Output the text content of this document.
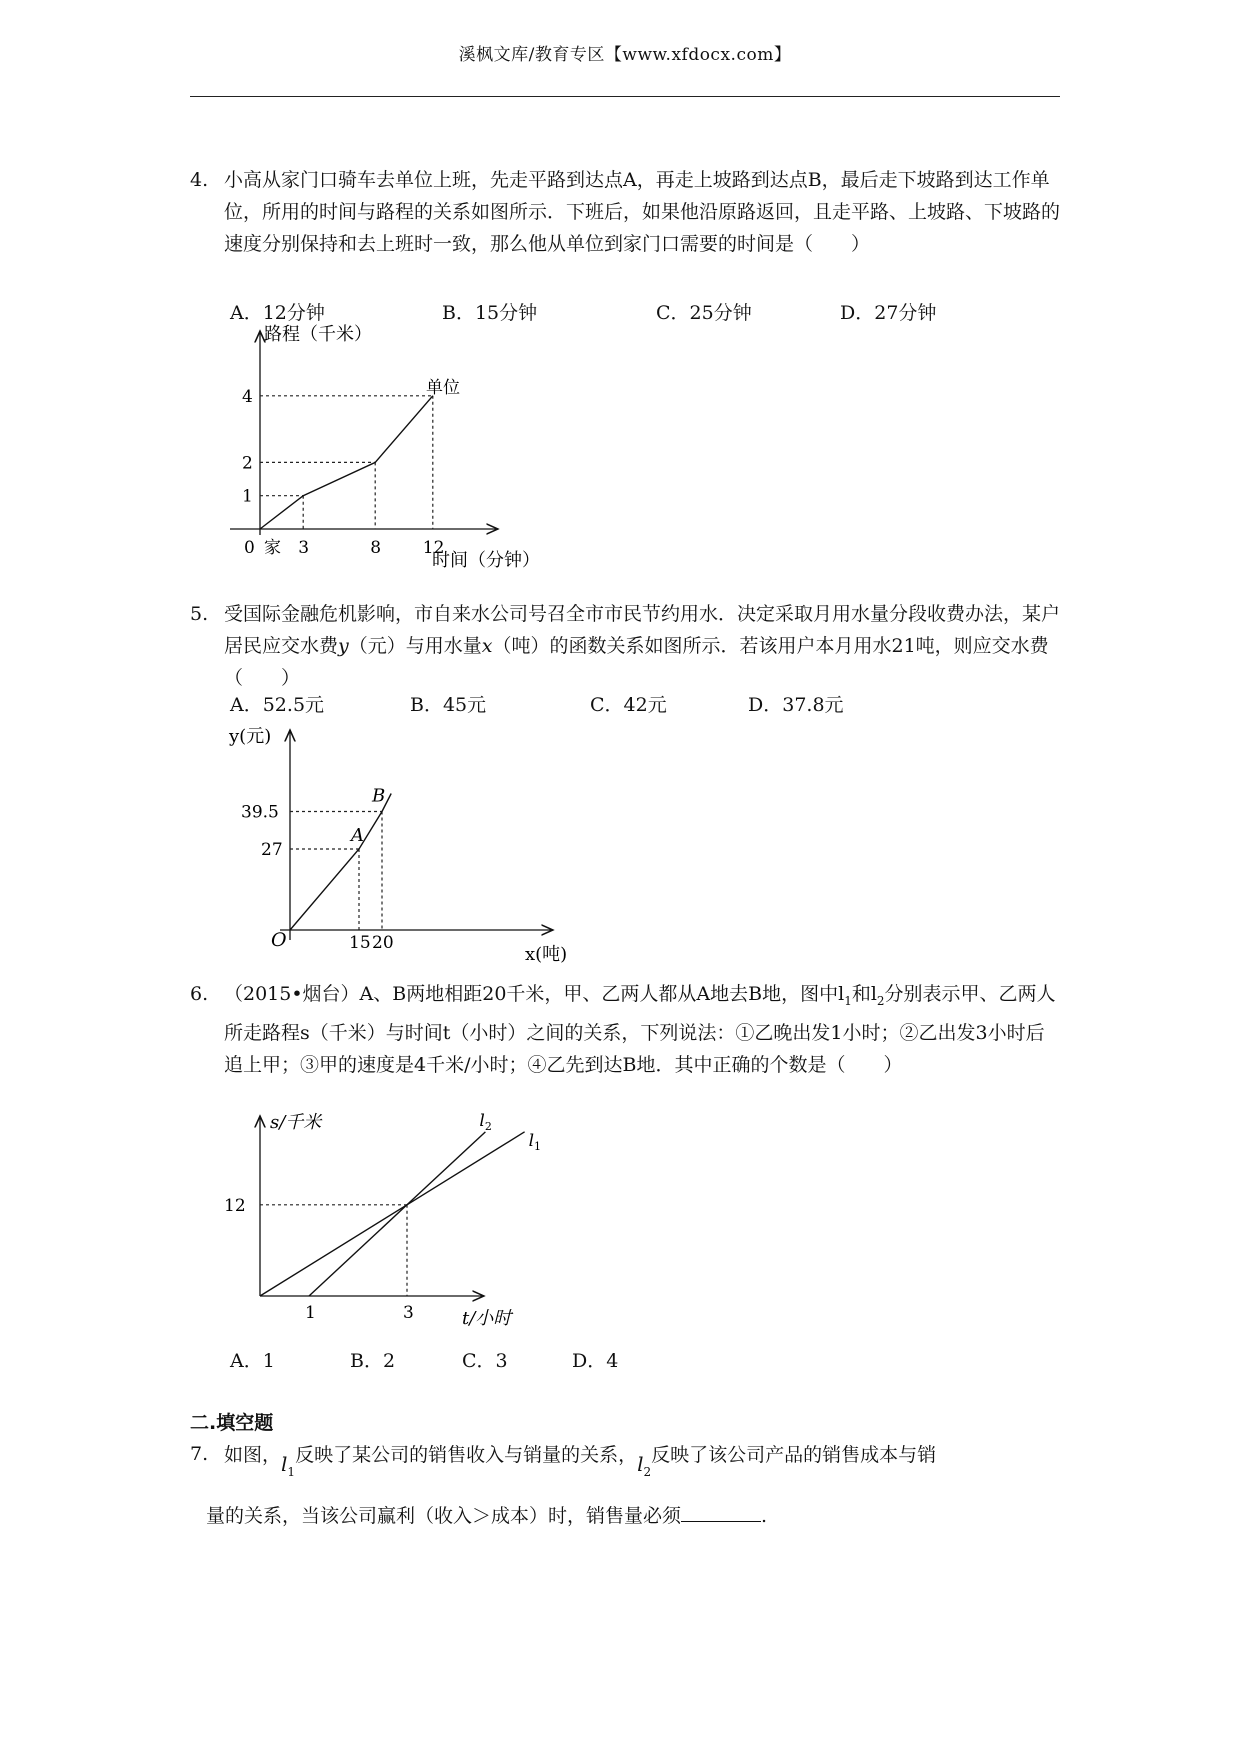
溪枫文库/教育专区【www.xfdocx.com】
4. 小高从家门口骑车去单位上班，先走平路到达点A，再走上坡路到达点B，最后走下坡路到达工作单位，所用的时间与路程的关系如图所示．下班后，如果他沿原路返回，且走平路、上坡路、下坡路的速度分别保持和去上班时一致，那么他从单位到家门口需要的时间是（　　）
A．12分钟	B．15分钟	C．25分钟	D．27分钟
路程（千米）
时间（分钟）
0 家
单位
3	8 12
1
2
4
5. 受国际金融危机影响，市自来水公司号召全市市民节约用水．决定采取月用水量分段收费办法，某户居民应交水费y（元）与用水量x（吨）的函数关系如图所示．若该用户本月用水21吨，则应交水费（　　）
A．52.5元	B．45元	C．42元	D．37.8元
y(元)
x(吨)
O
A
B
15 20
27
39.5
6. （2015•烟台）A、B两地相距20千米，甲、乙两人都从A地去B地，图中$l_1$和$l_2$分别表示甲、乙两人所走路程s（千米）与时间t（小时）之间的关系，下列说法：①乙晚出发1小时；②乙出发3小时后追上甲；③甲的速度是4千米/小时；④乙先到达B地．其中正确的个数是（　　）
s/千米
t/小时
1	3
12
$l_1$
$l_2$
A．1	B．2	C．3	D．4
二.填空题
7. 如图，$l_1$反映了某公司的销售收入与销量的关系，$l_2$反映了该公司产品的销售成本与销
量的关系，当该公司赢利（收入＞成本）时，销售量必须	.
